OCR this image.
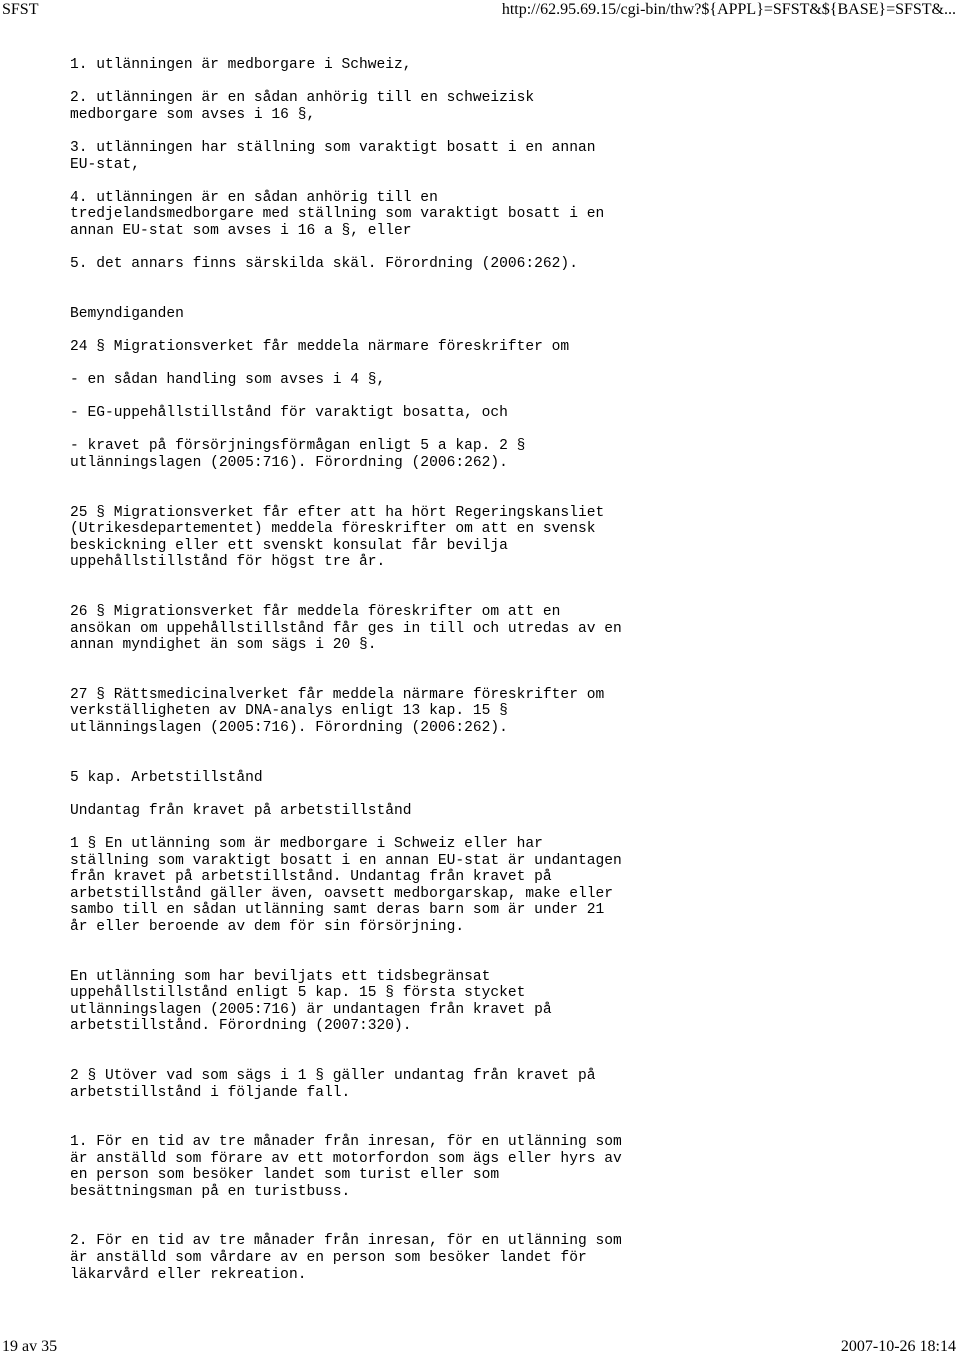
SFST	http://62.95.69.15/cgi-bin/thw?${APPL}=SFST&${BASE}=SFST&...

1. utlänningen är medborgare i Schweiz,

2. utlänningen är en sådan anhörig till en schweizisk
medborgare som avses i 16 §,

3. utlänningen har ställning som varaktigt bosatt i en annan
EU-stat,

4. utlänningen är en sådan anhörig till en
tredjelandsmedborgare med ställning som varaktigt bosatt i en
annan EU-stat som avses i 16 a §, eller

5. det annars finns särskilda skäl. Förordning (2006:262).

Bemyndiganden

24 § Migrationsverket får meddela närmare föreskrifter om

- en sådan handling som avses i 4 §,

- EG-uppehållstillstånd för varaktigt bosatta, och

- kravet på försörjningsförmågan enligt 5 a kap. 2 §
utlänningslagen (2005:716). Förordning (2006:262).

25 § Migrationsverket får efter att ha hört Regeringskansliet
(Utrikesdepartementet) meddela föreskrifter om att en svensk
beskickning eller ett svenskt konsulat får bevilja
uppehållstillstånd för högst tre år.

26 § Migrationsverket får meddela föreskrifter om att en
ansökan om uppehållstillstånd får ges in till och utredas av en
annan myndighet än som sägs i 20 §.

27 § Rättsmedicinalverket får meddela närmare föreskrifter om
verkställigheten av DNA-analys enligt 13 kap. 15 §
utlänningslagen (2005:716). Förordning (2006:262).

5 kap. Arbetstillstånd

Undantag från kravet på arbetstillstånd

1 § En utlänning som är medborgare i Schweiz eller har
ställning som varaktigt bosatt i en annan EU-stat är undantagen
från kravet på arbetstillstånd. Undantag från kravet på
arbetstillstånd gäller även, oavsett medborgarskap, make eller
sambo till en sådan utlänning samt deras barn som är under 21
år eller beroende av dem för sin försörjning.

En utlänning som har beviljats ett tidsbegränsat
uppehållstillstånd enligt 5 kap. 15 § första stycket
utlänningslagen (2005:716) är undantagen från kravet på
arbetstillstånd. Förordning (2007:320).

2 § Utöver vad som sägs i 1 § gäller undantag från kravet på
arbetstillstånd i följande fall.

1. För en tid av tre månader från inresan, för en utlänning som
är anställd som förare av ett motorfordon som ägs eller hyrs av
en person som besöker landet som turist eller som
besättningsman på en turistbuss.

2. För en tid av tre månader från inresan, för en utlänning som
är anställd som vårdare av en person som besöker landet för
läkarvård eller rekreation.

19 av 35	2007-10-26 18:14
